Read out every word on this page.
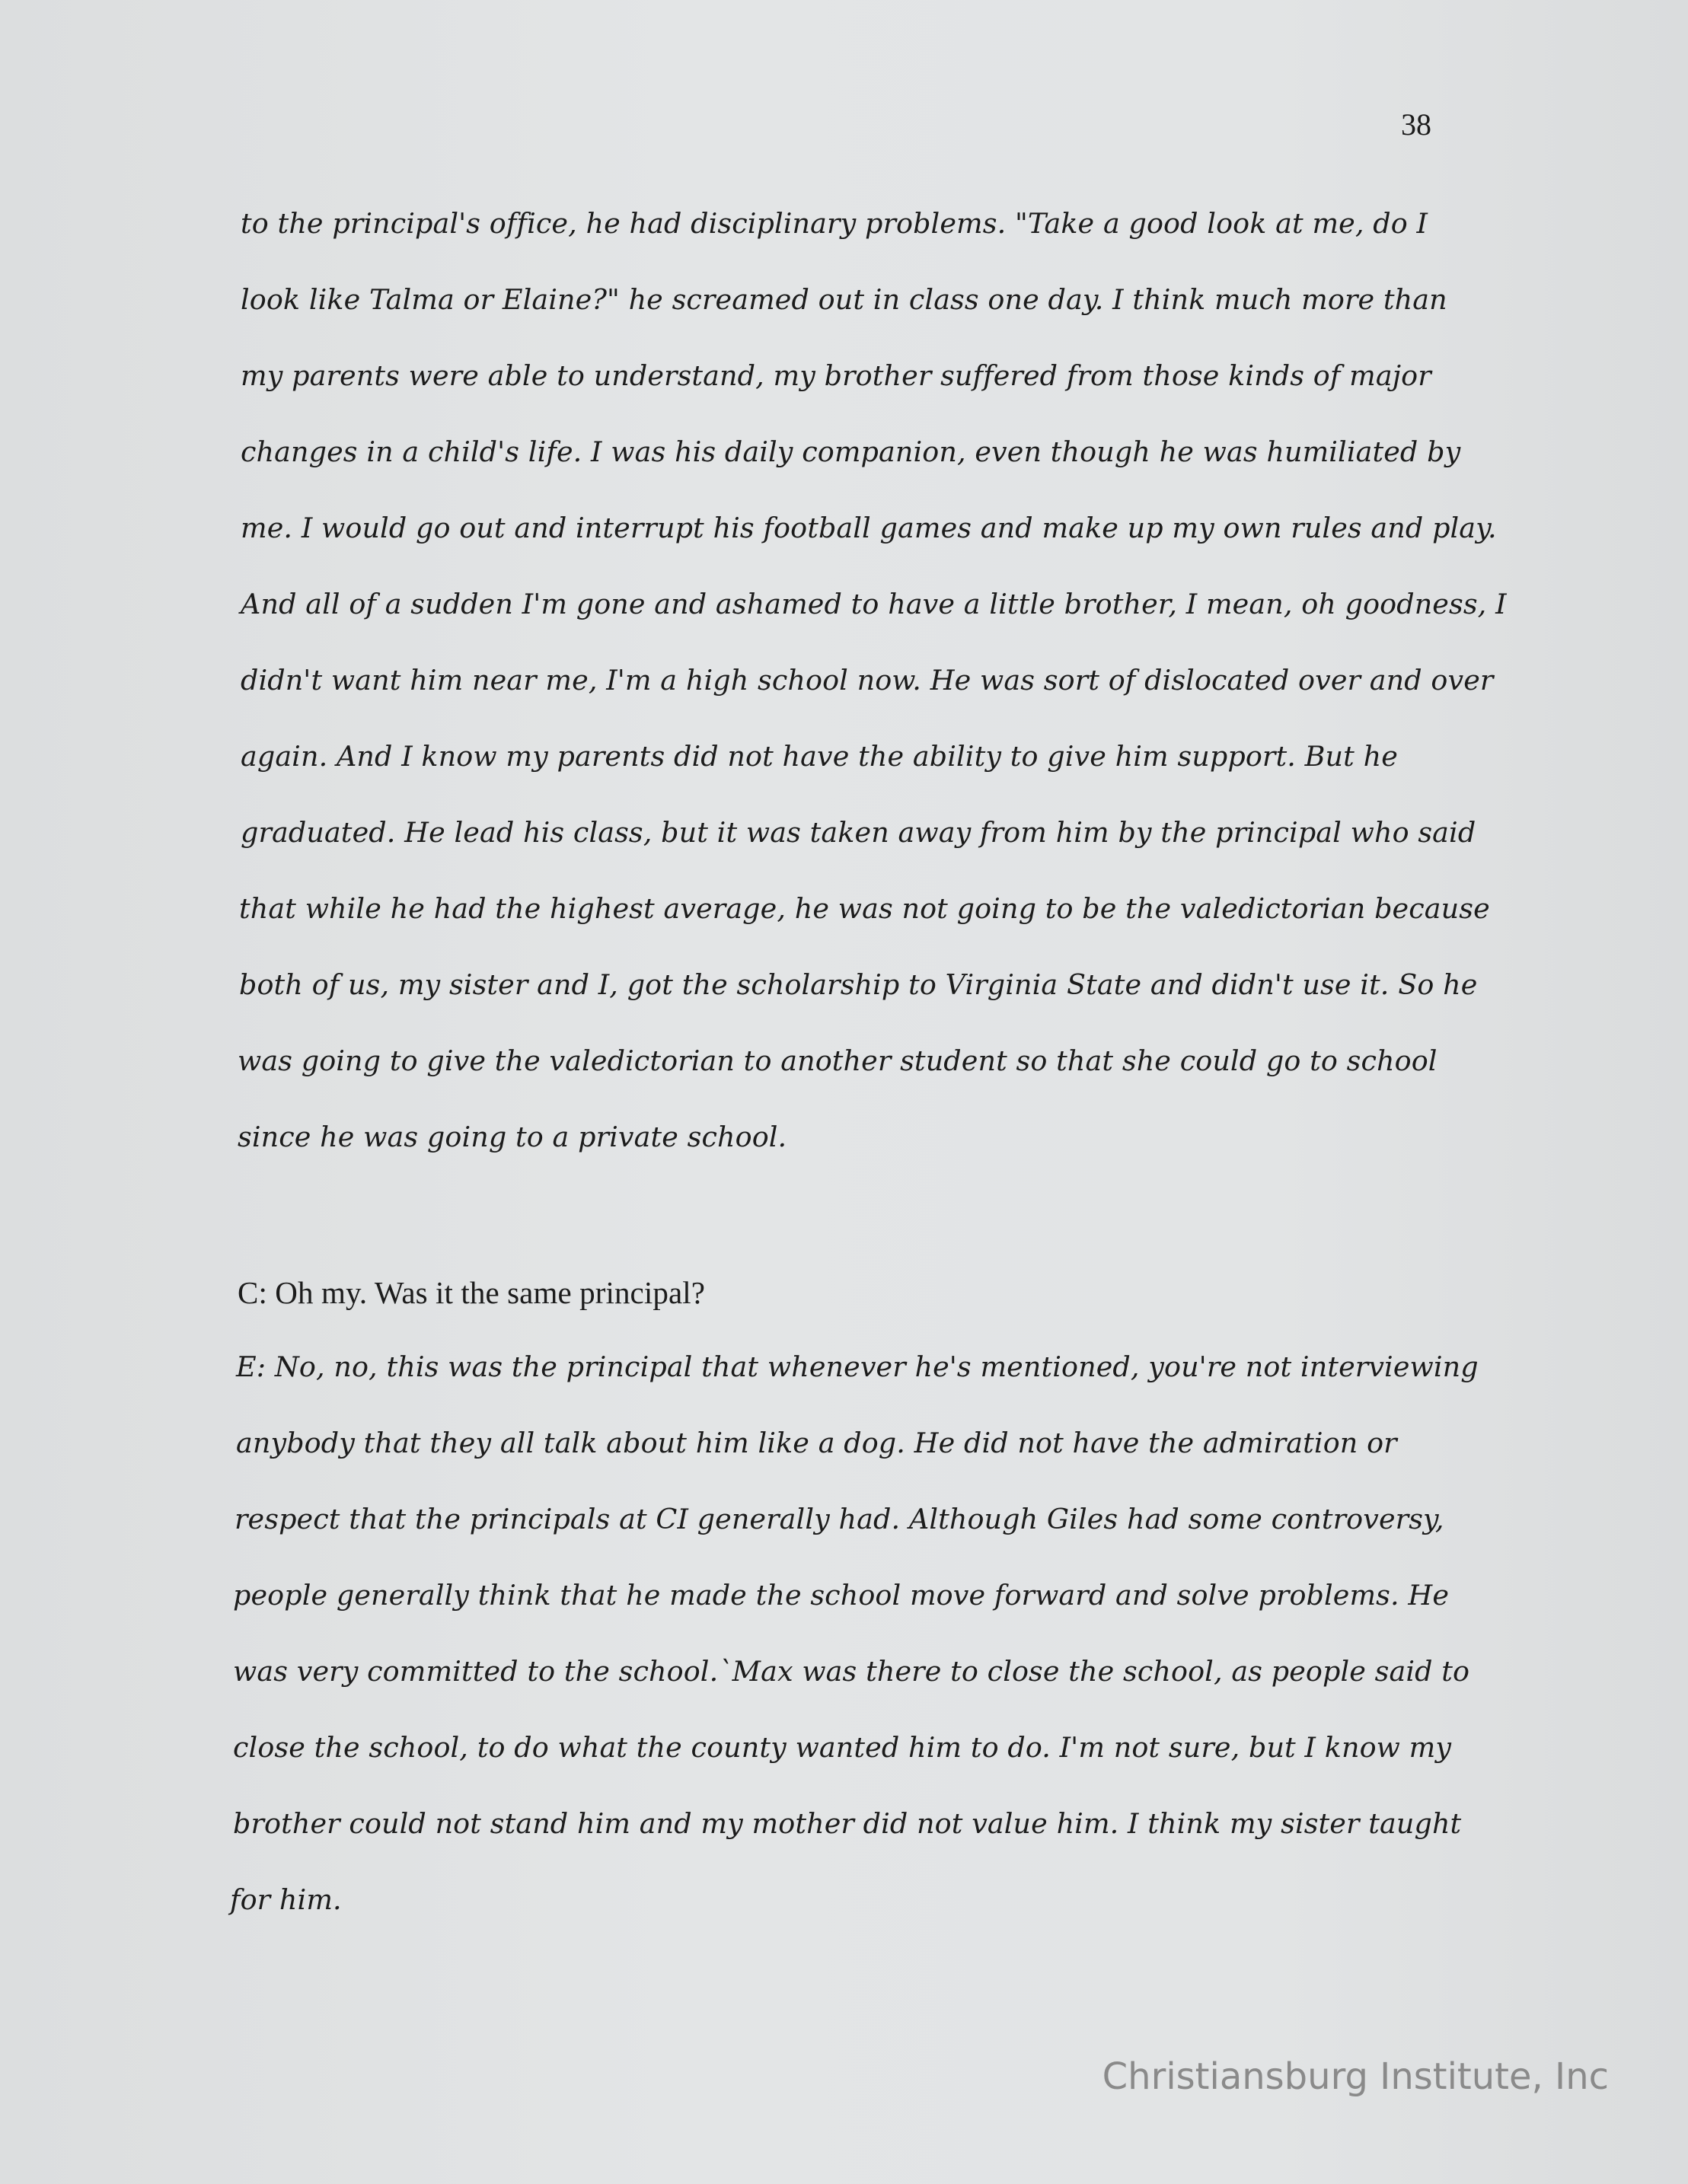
38
to the principal's office, he had disciplinary problems. "Take a good look at me, do I
look like Talma or Elaine?" he screamed out in class one day. I think much more than
my parents were able to understand, my brother suffered from those kinds of major
changes in a child's life. I was his daily companion, even though he was humiliated by
me. I would go out and interrupt his football games and make up my own rules and play.
And all of a sudden I'm gone and ashamed to have a little brother, I mean, oh goodness, I
didn't want him near me, I'm a high school now. He was sort of dislocated over and over
again. And I know my parents did not have the ability to give him support. But he
graduated. He lead his class, but it was taken away from him by the principal who said
that while he had the highest average, he was not going to be the valedictorian because
both of us, my sister and I, got the scholarship to Virginia State and didn't use it. So he
was going to give the valedictorian to another student so that she could go to school
since he was going to a private school.
C: Oh my. Was it the same principal?
E: No, no, this was the principal that whenever he's mentioned, you're not interviewing
anybody that they all talk about him like a dog. He did not have the admiration or
respect that the principals at CI generally had. Although Giles had some controversy,
people generally think that he made the school move forward and solve problems. He
was very committed to the school.`Max was there to close the school, as people said to
close the school, to do what the county wanted him to do. I'm not sure, but I know my
brother could not stand him and my mother did not value him. I think my sister taught
for him.
Christiansburg Institute, Inc
